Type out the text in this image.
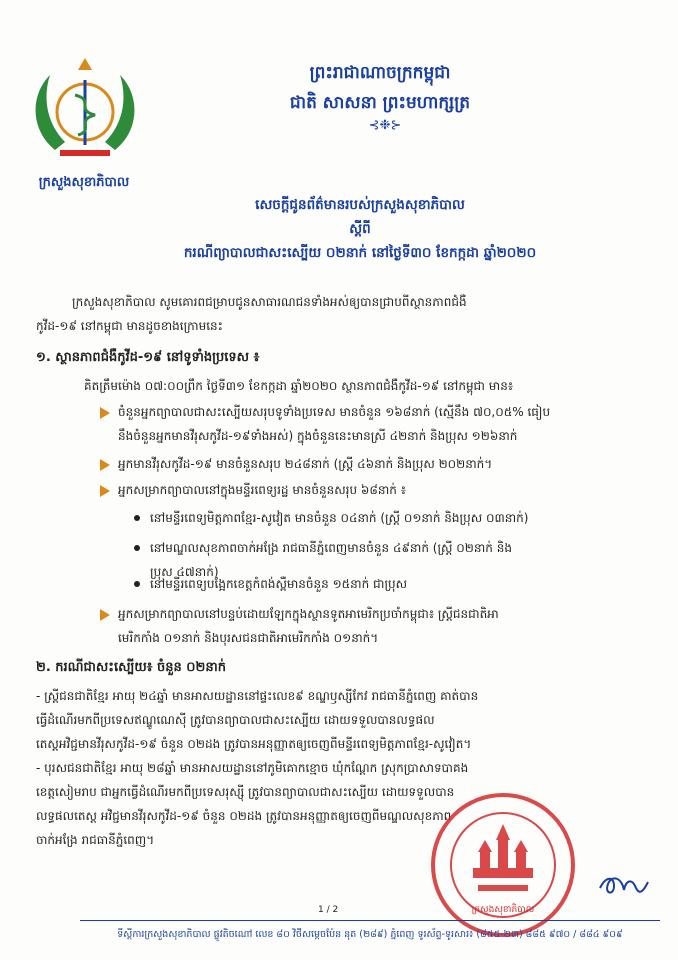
ក្រសួងសុខាភិបាល
ព្រះរាជាណាចក្រកម្ពុជា
ជាតិ សាសនា ព្រះមហាក្សត្រ
⊰❉⊱
សេចក្តីជូនព័ត៌មានរបស់ក្រសួងសុខាភិបាល
ស្តីពី
ករណីព្យាបាលជាសះស្បើយ ០២នាក់ នៅថ្ងៃទី៣០ ខែកក្កដា ឆ្នាំ២០២០
ក្រសួងសុខាភិបាល សូមគោរពជម្រាបជូនសាធារណជនទាំងអស់ឲ្យបានជ្រាបពីស្ថានភាពជំងឺ
កូវីដ-១៩ នៅកម្ពុជា មានដូចខាងក្រោមនេះ
១. ស្ថានភាពជំងឺកូវីដ-១៩ នៅទូទាំងប្រទេស ៖
គិតត្រឹមម៉ោង ០៧:០០ព្រឹក ថ្ងៃទី៣១ ខែកក្កដា ឆ្នាំ២០២០ ស្ថានភាពជំងឺកូវីដ-១៩ នៅកម្ពុជា មាន៖
ចំនួនអ្នកព្យាបាលជាសះស្បើយសរុបទូទាំងប្រទេស មានចំនួន ១៦៨នាក់ (ស្មើនឹង ៧០,០៥% ធៀប
នឹងចំនួនអ្នកមានវីរុសកូវីដ-១៩ទាំងអស់) ក្នុងចំនួននេះមានស្រី ៤២នាក់ និងប្រុស ១២៦នាក់
អ្នកមានវីរុសកូវីដ-១៩ មានចំនួនសរុប ២៤៨នាក់ (ស្ត្រី ៤៦នាក់ និងប្រុស ២០២នាក់។
អ្នកសម្រាកព្យាបាលនៅក្នុងមន្ទីរពេទ្យរដ្ឋ មានចំនួនសរុប ៦៨នាក់ ៖
នៅមន្ទីរពេទ្យមិត្តភាពខ្មែរ-សូវៀត មានចំនួន ០៤នាក់ (ស្ត្រី ០១នាក់ និងប្រុស ០៣នាក់)
នៅមណ្ឌលសុខភាពចាក់អង្រែ រាជធានីភ្នំពេញមានចំនួន ៤៩នាក់ (ស្ត្រី ០២នាក់ និង
ប្រុស ៤៧នាក់)
នៅមន្ទីរពេទ្យបង្អែកខេត្តកំពង់ស្ពឺមានចំនួន ១៥នាក់ ជាប្រុស
អ្នកសម្រាកព្យាបាលនៅបន្ទប់ដោយឡែកក្នុងស្ថានទូតអាមេរិកប្រចាំកម្ពុជា៖ ស្ត្រីជនជាតិអា
មេរិកកាំង ០១នាក់ និងបុរសជនជាតិអាមេរិកកាំង ០១នាក់។
២. ករណីជាសះស្បើយ៖ ចំនួន ០២នាក់
- ស្ត្រីជនជាតិខ្មែរ អាយុ ២៤ឆ្នាំ មានអាសយដ្ឋាននៅផ្ទះលេខ៩ ខណ្ឌឫស្សីកែវ រាជធានីភ្នំពេញ គាត់បាន
ធ្វើដំណើរមកពីប្រទេសឥណ្ឌូណេស៊ី ត្រូវបានព្យាបាលជាសះស្បើយ ដោយទទួលបានលទ្ធផល
តេស្តអវិជ្ជមានវីរុសកូវីដ-១៩ ចំនួន ០២ដង ត្រូវបានអនុញ្ញាតឲ្យចេញពីមន្ទីរពេទ្យមិត្តភាពខ្មែរ-សូវៀត។
- បុរសជនជាតិខ្មែរ អាយុ ២៨ឆ្នាំ មានអាសយដ្ឋាននៅភូមិគោកខ្មោច ឃុំកណ្តែក ស្រុកប្រាសាទបាគង
ខេត្តសៀមរាប ជាអ្នកធ្វើដំណើរមកពីប្រទេសរុស្ស៊ី ត្រូវបានព្យាបាលជាសះស្បើយ ដោយទទួលបាន
លទ្ធផលតេស្ត អវិជ្ជមានវីរុសកូវីដ-១៩ ចំនួន ០២ដង ត្រូវបានអនុញ្ញាតឲ្យចេញពីមណ្ឌលសុខភាព
ចាក់អង្រែ រាជធានីភ្នំពេញ។
ក្រសួងសុខាភិបាល
1 / 2
ទីស្តីការក្រសួងសុខាភិបាល ផ្លូវតិចណៅ លេខ ៨០ វិថីសម្តេចប៉ែន នុត (២៨៩) ភ្នំពេញ ទូរស័ព្ទ-ទូរសារ៖ (៨៥៥-២៣) ៨៨៥ ៩៧០ / ៨៨៤ ៩០៩
